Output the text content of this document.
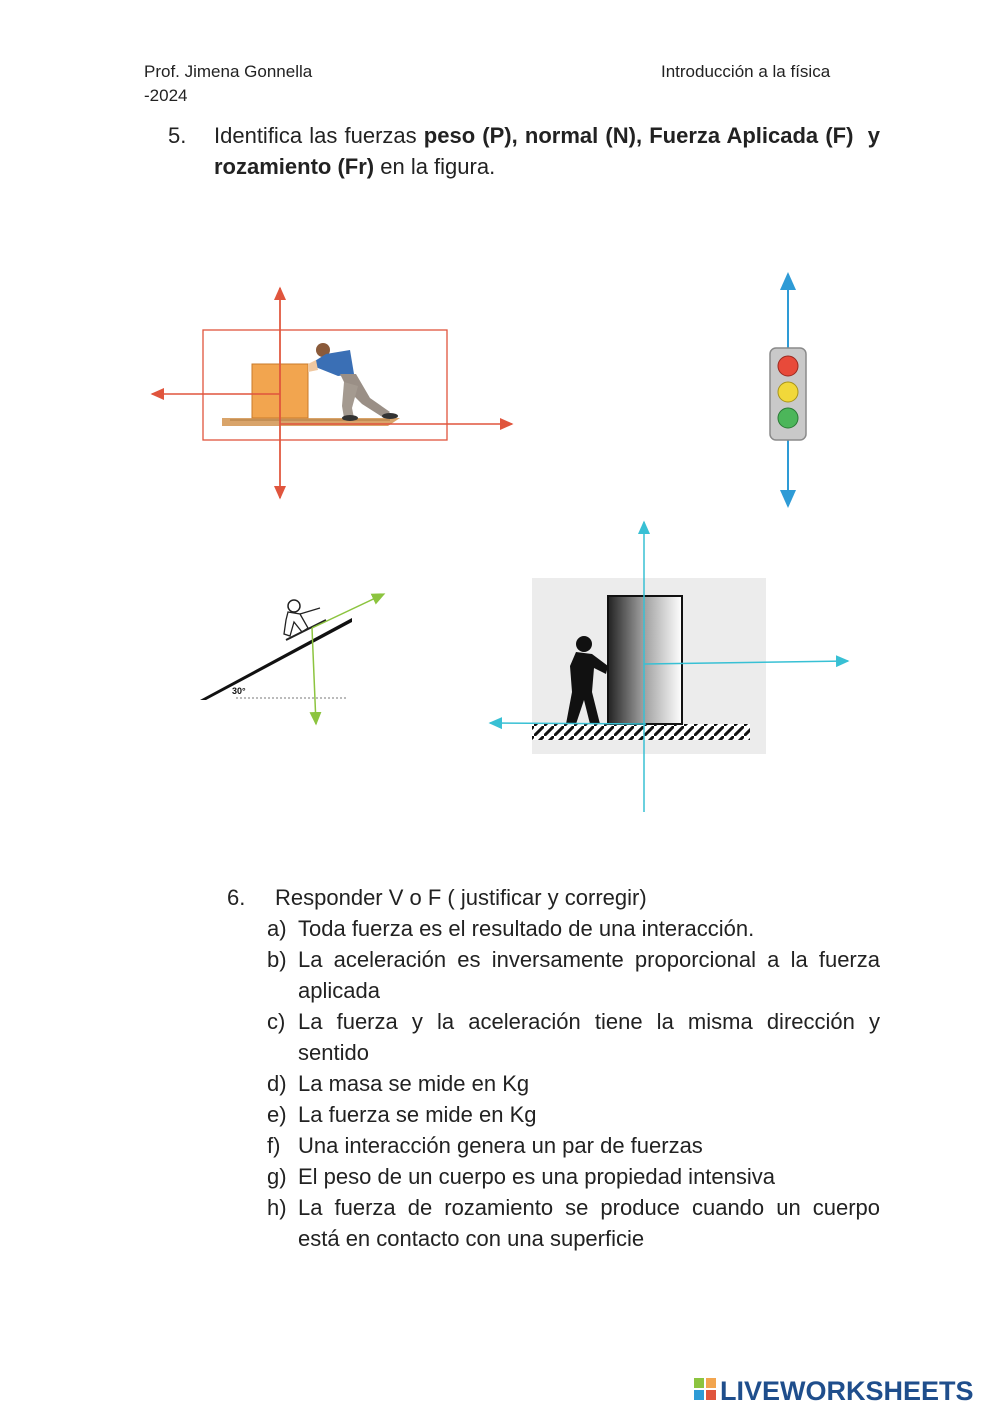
Prof. Jimena Gonnella
-2024
Introducción a la física
5. Identifica las fuerzas peso (P), normal (N), Fuerza Aplicada (F) y rozamiento (Fr) en la figura.
30°
6. Responder V o F ( justificar y corregir)
a) Toda fuerza es el resultado de una interacción.
b) La aceleración es inversamente proporcional a la fuerza aplicada
c) La fuerza y la aceleración tiene la misma dirección y sentido
d) La masa se mide en Kg
e) La fuerza se mide en Kg
f) Una interacción genera un par de fuerzas
g) El peso de un cuerpo es una propiedad intensiva
h) La fuerza de rozamiento se produce cuando un cuerpo está en contacto con una superficie
LIVEWORKSHEETS
